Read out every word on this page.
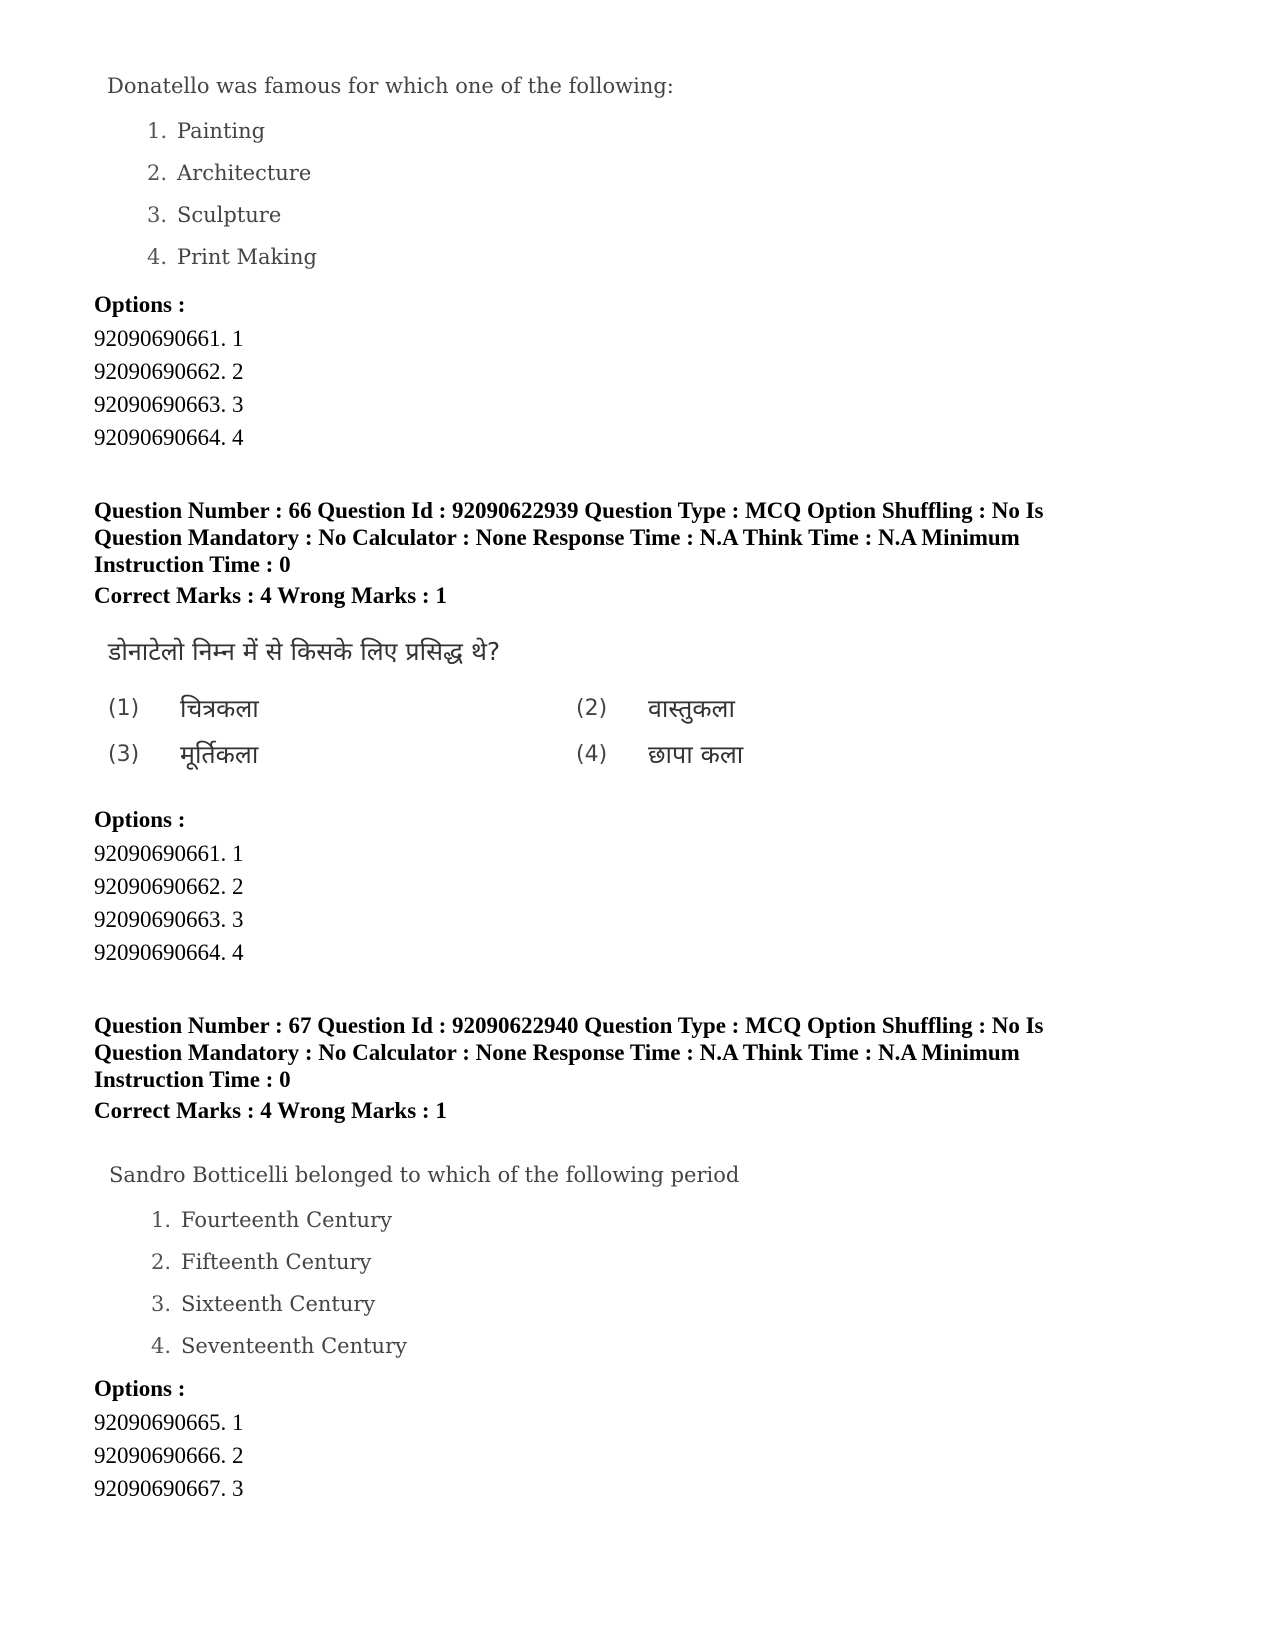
Donatello was famous for which one of the following:

1. Painting
2. Architecture
3. Sculpture
4. Print Making
Options :
92090690661. 1
92090690662. 2
92090690663. 3
92090690664. 4
Question Number : 66 Question Id : 92090622939 Question Type : MCQ Option Shuffling : No Is Question Mandatory : No Calculator : None Response Time : N.A Think Time : N.A Minimum Instruction Time : 0
Correct Marks : 4 Wrong Marks : 1

डोनाटेलो निम्न में से किसके लिए प्रसिद्ध थे?

(1)	चित्रकला	(2)	वास्तुकला
(3)	मूर्तिकला	(4)	छापा कला
Options :
92090690661. 1
92090690662. 2
92090690663. 3
92090690664. 4
Question Number : 67 Question Id : 92090622940 Question Type : MCQ Option Shuffling : No Is Question Mandatory : No Calculator : None Response Time : N.A Think Time : N.A Minimum Instruction Time : 0
Correct Marks : 4 Wrong Marks : 1

Sandro Botticelli belonged to which of the following period

1. Fourteenth Century
2. Fifteenth Century
3. Sixteenth Century
4. Seventeenth Century
Options :
92090690665. 1
92090690666. 2
92090690667. 3
